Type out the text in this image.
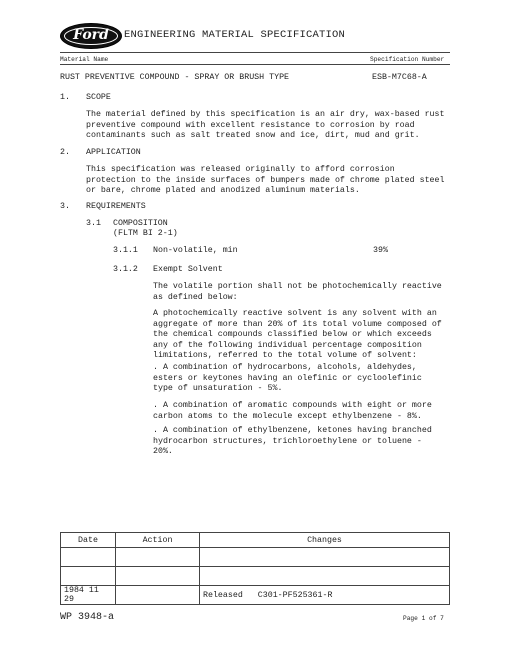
Ford	ENGINEERING MATERIAL SPECIFICATION
Material Name	Specification Number
RUST PREVENTIVE COMPOUND - SPRAY OR BRUSH TYPE	ESB-M7C68-A
1. SCOPE
The material defined by this specification is an air dry, wax-based rust
preventive compound with excellent resistance to corrosion by road
contaminants such as salt treated snow and ice, dirt, mud and grit.
2. APPLICATION
This specification was released originally to afford corrosion
protection to the inside surfaces of bumpers made of chrome plated steel
or bare, chrome plated and anodized aluminum materials.
3. REQUIREMENTS
3.1 COMPOSITION
(FLTM BI 2-1)
3.1.1 Non-volatile, min	39%
3.1.2 Exempt Solvent
The volatile portion shall not be photochemically reactive
as defined below:
A photochemically reactive solvent is any solvent with an
aggregate of more than 20% of its total volume composed of
the chemical compounds classified below or which exceeds
any of the following individual percentage composition
limitations, referred to the total volume of solvent:
. A combination of hydrocarbons, alcohols, aldehydes,
esters or keytones having an olefinic or cycloolefinic
type of unsaturation - 5%.
. A combination of aromatic compounds with eight or more
carbon atoms to the molecule except ethylbenzene - 8%.
. A combination of ethylbenzene, ketones having branched
hydrocarbon structures, trichloroethylene or toluene -
20%.
Date	Action	Changes

1984 11 29		Released   C301-PF525361-R
WP 3948-a	Page 1 of 7
